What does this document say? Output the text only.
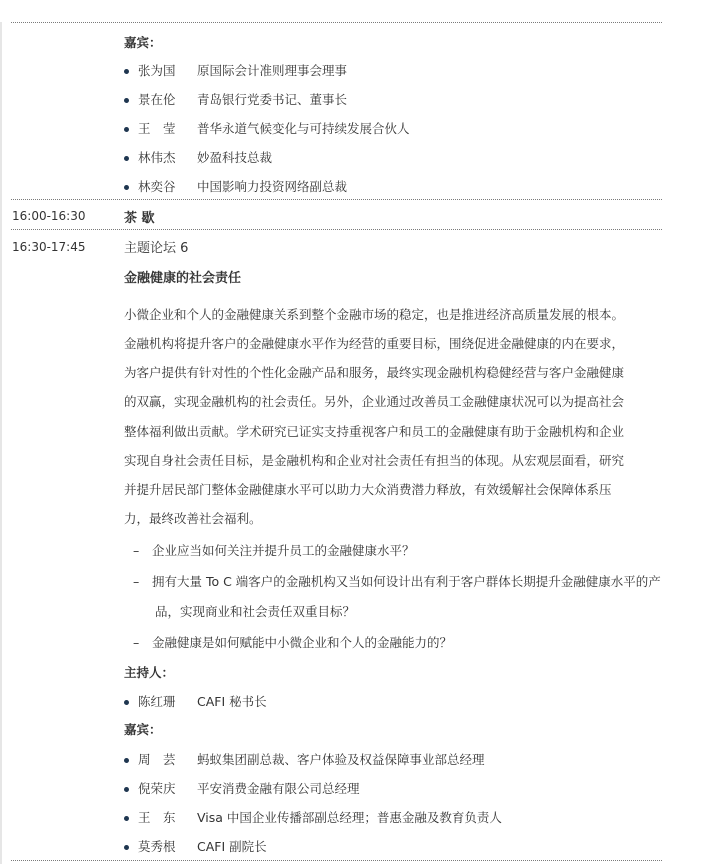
嘉宾：
张为国 原国际会计准则理事会理事
景在伦 青岛银行党委书记、董事长
王　莹 普华永道气候变化与可持续发展合伙人
林伟杰 妙盈科技总裁
林奕谷 中国影响力投资网络副总裁
16:00-16:30	茶 歇
16:30-17:45	主题论坛 6
金融健康的社会责任
小微企业和个人的金融健康关系到整个金融市场的稳定，也是推进经济高质量发展的根本。
金融机构将提升客户的金融健康水平作为经营的重要目标，围绕促进金融健康的内在要求，
为客户提供有针对性的个性化金融产品和服务，最终实现金融机构稳健经营与客户金融健康
的双赢，实现金融机构的社会责任。另外，企业通过改善员工金融健康状况可以为提高社会
整体福利做出贡献。学术研究已证实支持重视客户和员工的金融健康有助于金融机构和企业
实现自身社会责任目标，是金融机构和企业对社会责任有担当的体现。从宏观层面看，研究
并提升居民部门整体金融健康水平可以助力大众消费潜力释放，有效缓解社会保障体系压
力，最终改善社会福利。
– 企业应当如何关注并提升员工的金融健康水平？
– 拥有大量 To C 端客户的金融机构又当如何设计出有利于客户群体长期提升金融健康水平的产
品，实现商业和社会责任双重目标？
– 金融健康是如何赋能中小微企业和个人的金融能力的？
主持人：
陈红珊 CAFI 秘书长
嘉宾：
周　芸 蚂蚁集团副总裁、客户体验及权益保障事业部总经理
倪荣庆 平安消费金融有限公司总经理
王　东 Visa 中国企业传播部副总经理；普惠金融及教育负责人
莫秀根 CAFI 副院长
